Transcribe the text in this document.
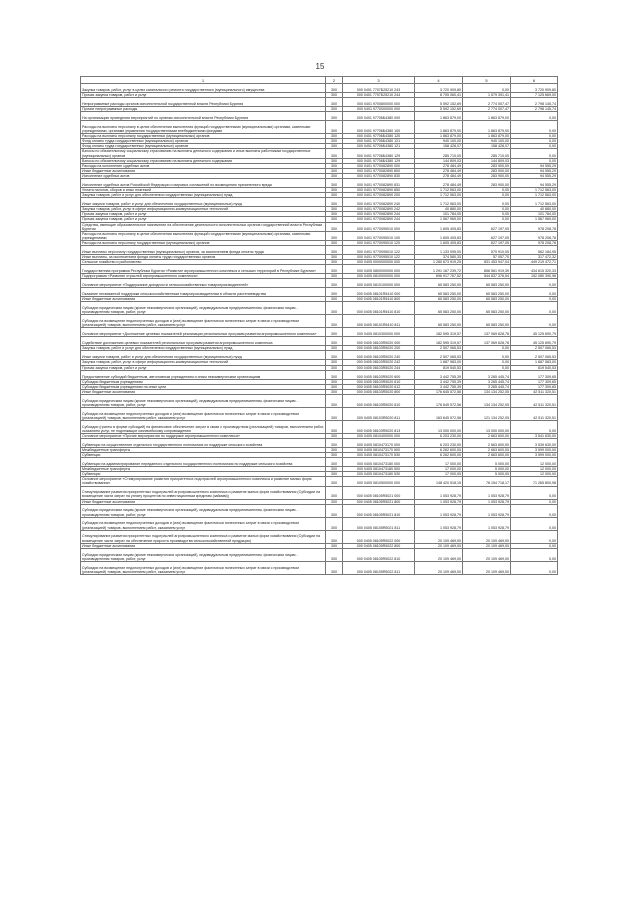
15
1	2	3	4	5	6
Закупка товаров, работ, услуг в целях капитального ремонта государственного (муниципального) имущества	300	000 0401 7707Б25210 243	3 720 909,80	0,00	3 720 909,80
Прочая закупка товаров, работ и услуг	300	000 0401 7707Б25210 244	8 705 060,41	1 579 391,41	7 125 669,00
Непрограммные расходы органов исполнительной государственной власти Республики Бурятия	300	000 0401 9700800000 000	5 592 152,69	2 774 007,47	2 798 145,74
Прочие непрограммные расходы	300	000 0401 9770000000 000	5 592 152,69	2 774 007,47	2 798 145,74
На организацию проведения мероприятий по органам исполнительной власти Республики Бурятия	300	000 0401 97706Б4380 000	1 863 879,00	1 863 879,00	0,00
Расходы на выплаты персоналу в целях обеспечения выполнения функций государственными (муниципальными) органами, казенными учреждениями, органами управления государственными внебюджетными фондами	300	000 0401 97706Б4380 100	1 863 879,00	1 863 879,00	0,00
Расходы на выплаты персоналу государственных (муниципальных) органов	300	000 0401 97706Б4380 120	1 863 879,00	1 863 879,00	0,00
Фонд оплаты труда государственных (муниципальных) органов	300	000 0401 97706Б4380 121	940 100,00	940 100,00	0,00
Фонд оплаты труда государственных (муниципальных) органов	300	000 0401 97706Б4380 121	158 428,07	158 428,07	0,00
Взносы по обязательному социальному страхованию на выплаты денежного содержания и иные выплаты работникам государственных (муниципальных) органов	300	000 0401 97706Б4380 129	285 710,00	285 710,00	0,00
Взносы по обязательному социальному страхованию на выплаты денежного содержания	300	000 0401 97706Б4380 129	144 809,03	144 809,03	0,00
Расходы на исполнение судебных актов	300	000 0401 9770082890 000	278 484,49	283 900,00	94 555,29
Иные бюджетные ассигнования	300	000 0401 9770082890 800	278 484,49	283 900,00	94 555,29
Исполнение судебных актов	300	000 0401 9770082890 830	278 484,49	283 900,00	94 555,29
Исполнение судебных актов Российской Федерации и мировых соглашений по возмещению причиненного вреда	300	000 0401 9770082890 831	278 484,49	283 900,00	94 555,29
Уплата налогов, сборов и иных платежей	300	000 0401 9770082890 850	1 712 563,00	0,00	1 712 563,00
Закупка товаров, работ и услуг для обеспечения государственных (муниципальных) нужд	300	000 0401 9770082890 200	1 712 563,00	0,00	1 712 563,00
Иные закупки товаров, работ и услуг для обеспечения государственных (муниципальных) нужд	300	000 0401 9770082890 240	1 712 563,00	0,00	1 712 563,00
Закупка товаров, работ, услуг в сфере информационно-коммуникационных технологий	300	000 0401 9770082890 242	40 880,00	0,00	40 880,00
Прочая закупка товаров, работ и услуг	300	000 0401 9770082890 244	101 784,00	0,00	101 784,00
Прочая закупка товаров, работ и услуг	300	000 0401 9770082890 244	1 567 969,00	0,00	1 567 969,00
Средства, имеющие образовательное назначение на обеспечение деятельности исполнительных органов государственной власти Республики Бурятия	300	000 0401 9770095010 000	1 605 405,83	627 197,05	978 208,78
Расходы на выплаты персоналу в целях обеспечения выполнения функций государственными (муниципальными) органами, казенными учреждениями	300	000 0401 9770095010 100	1 605 405,83	627 197,05	978 208,78
Расходы на выплаты персоналу государственных (муниципальных) органов	300	000 0401 9770095010 120	1 605 405,83	627 197,05	978 208,78
Иные выплаты персоналу государственных (муниципальных) органов, за исключением фонда оплаты труда	300	000 0401 9770095010 122	1 133 095,00	570 910,05	562 184,95
Иные выплаты, за исключением фонда оплаты труда государственных органов	300	000 0401 9770095010 122	374 580,33	57 057,70	317 472,32
Сельское хозяйство и рыболовство	300	000 0405 0000000000 000	1 280 673 919,25	831 453 947,04	449 219 472,71
Государственная программа Республики Бурятия «Развитие агропромышленного комплекса и сельских территорий в Республике Бурятия»	300	000 0405 0800000000 000	1 291 167 239,72	856 561 919,39	434 615 320,33
Подпрограмма «Развитие отраслей агропромышленного комплекса»	300	000 0405 0810000000 000	696 917 767,52	544 837 376,54	152 080 390,98
Основное мероприятие «Поддержание доходности сельскохозяйственных товаропроизводителей»	300	000 0405 0810100000 000	65 583 250,00	65 583 250,00	0,00
Оказание несвязанной поддержки сельскохозяйственным товаропроизводителям в области растениеводства	300	000 0405 08101R5410 000	65 583 250,00	65 583 250,00	0,00
Иные бюджетные ассигнования	300	000 0405 08101R5410 800	65 583 250,00	65 583 250,00	0,00
Субсидии юридическим лицам (кроме некоммерческих организаций), индивидуальным предпринимателям, физическим лицам - производителям товаров, работ, услуг	300	000 0405 08101R5410 810	65 583 250,00	65 583 250,00	0,00
Субсидии на возмещение недополученных доходов и (или) возмещение фактически понесенных затрат в связи с производством (реализацией) товаров, выполнением работ, оказанием услуг	300	000 0405 08101R5410 811	65 583 250,00	65 583 250,00	0,00
Основное мероприятие «Достижение целевых показателей реализации региональных программ развития агропромышленного комплекса»	300	000 0405 0810300000 000	182 595 319,57	137 069 628,78	45 125 690,79
Содействие достижению целевых показателей региональных программ развития агропромышленного комплекса	300	000 0405 08103R5020 000	182 595 319,57	137 069 628,78	45 125 690,79
Закупка товаров, работ и услуг для обеспечения государственных (муниципальных) нужд	300	000 0405 08103R5020 200	2 507 065,53	0,00	2 507 065,53
Иные закупки товаров, работ и услуг для обеспечения государственных (муниципальных) нужд	300	000 0405 08103R5020 240	2 507 065,53	0,00	2 507 065,53
Закупка товаров, работ, услуг в сфере информационно-коммуникационных технологий	300	000 0405 08103R5020 242	1 687 583,00	0,00	1 687 583,00
Прочая закупка товаров, работ и услуг	300	000 0405 08103R5020 244	819 540,53	0,00	819 540,53
Предоставление субсидий бюджетным, автономным учреждениям и иным некоммерческим организациям	300	000 0405 08103R5020 600	3 442 755,39	3 265 445,74	177 309,65
Субсидии бюджетным учреждениям	300	000 0405 08103R5020 610	3 442 755,39	3 265 445,74	177 309,65
Субсидии бюджетным учреждениям на иные цели	300	000 0405 08103R5020 612	3 442 755,39	3 265 445,74	177 309,65
Иные бюджетные ассигнования	300	000 0405 08103R5020 800	176 645 572,56	134 134 252,05	42 511 320,51
Субсидии юридическим лицам (кроме некоммерческих организаций), индивидуальным предпринимателям, физическим лицам - производителям товаров, работ, услуг	300	000 0405 08103R5020 810	176 645 572,56	134 134 252,05	42 511 320,51
Субсидии на возмещение недополученных доходов и (или) возмещение фактически понесенных затрат в связи с производством (реализацией) товаров, выполнением работ, оказанием услуг	300	000 0405 08103R5020 811	163 645 572,56	121 134 252,05	42 511 320,51
Субсидии (гранты в форме субсидий) на финансовое обеспечение затрат в связи с производством (реализацией) товаров, выполнением работ, оказанием услуг, не подлежащие казначейскому сопровождению	300	000 0405 08103R5020 813	13 000 000,00	13 000 000,00	0,00
Основное мероприятие «Прочие мероприятия по поддержке агропромышленного комплекса»	300	000 0405 0810400000 000	6 203 230,00	2 663 600,00	3 541 630,00
Субвенции на осуществление отдельного государственного полномочия по поддержке сельского хозяйства	300	000 0405 0810473170 000	6 203 230,00	2 663 600,00	3 539 630,00
Межбюджетные трансферты	300	000 0405 0810473170 500	6 262 600,00	2 663 600,00	3 599 000,00
Субвенции	300	000 0405 0810473170 530	6 262 600,00	2 663 600,00	3 599 000,00
Субвенции на администрирование переданного отдельного государственного полномочия по поддержке сельского хозяйства	300	000 0405 0810473180 000	17 000,00	5 000,00	12 000,00
Межбюджетные трансферты	300	000 0405 0810473180 500	17 000,00	5 000,00	12 000,00
Субвенции	300	000 0405 0810473180 530	17 000,00	5 000,00	12 000,00
Основное мероприятие «Стимулирование развития приоритетных подотраслей агропромышленного комплекса и развитие малых форм хозяйствования»	300	000 0405 0810500000 000	148 420 518,15	76 154 718,17	71 265 800,98
Стимулирование развития приоритетных подотраслей агропромышленного комплекса и развитие малых форм хозяйствования (Субсидии на возмещение части затрат на уплату процентов по инвестиционным кредитам (займам))	300	000 0405 08105R5021 000	1 053 928,79	1 053 928,79	0,00
Иные бюджетные ассигнования	300	000 0405 08105R5021 800	1 053 928,79	1 053 928,79	0,00
Субсидии юридическим лицам (кроме некоммерческих организаций), индивидуальным предпринимателям, физическим лицам - производителям товаров, работ, услуг	300	000 0405 08105R5021 810	1 053 928,79	1 053 928,79	0,00
Субсидии на возмещение недополученных доходов и (или) возмещение фактически понесенных затрат в связи с производством (реализацией) товаров, выполнением работ, оказанием услуг	300	000 0405 08105R5021 811	1 053 928,79	1 053 928,79	0,00
Стимулирование развития приоритетных подотраслей агропромышленного комплекса и развитие малых форм хозяйствования (Субсидии на возмещение части затрат на обеспечение прироста производства сельскохозяйственной продукции)	300	000 0405 08105R5022 000	20 109 469,00	20 109 469,00	0,00
Иные бюджетные ассигнования	300	000 0405 08105R5022 800	20 109 469,00	20 109 469,00	0,00
Субсидии юридическим лицам (кроме некоммерческих организаций), индивидуальным предпринимателям, физическим лицам - производителям товаров, работ, услуг	300	000 0405 08105R5022 810	20 109 469,00	20 109 469,00	0,00
Субсидии на возмещение недополученных доходов и (или) возмещение фактически понесенных затрат в связи с производством (реализацией) товаров, выполнением работ, оказанием услуг	300	000 0405 08105R5022 811	20 109 469,00	20 109 469,00	0,00
